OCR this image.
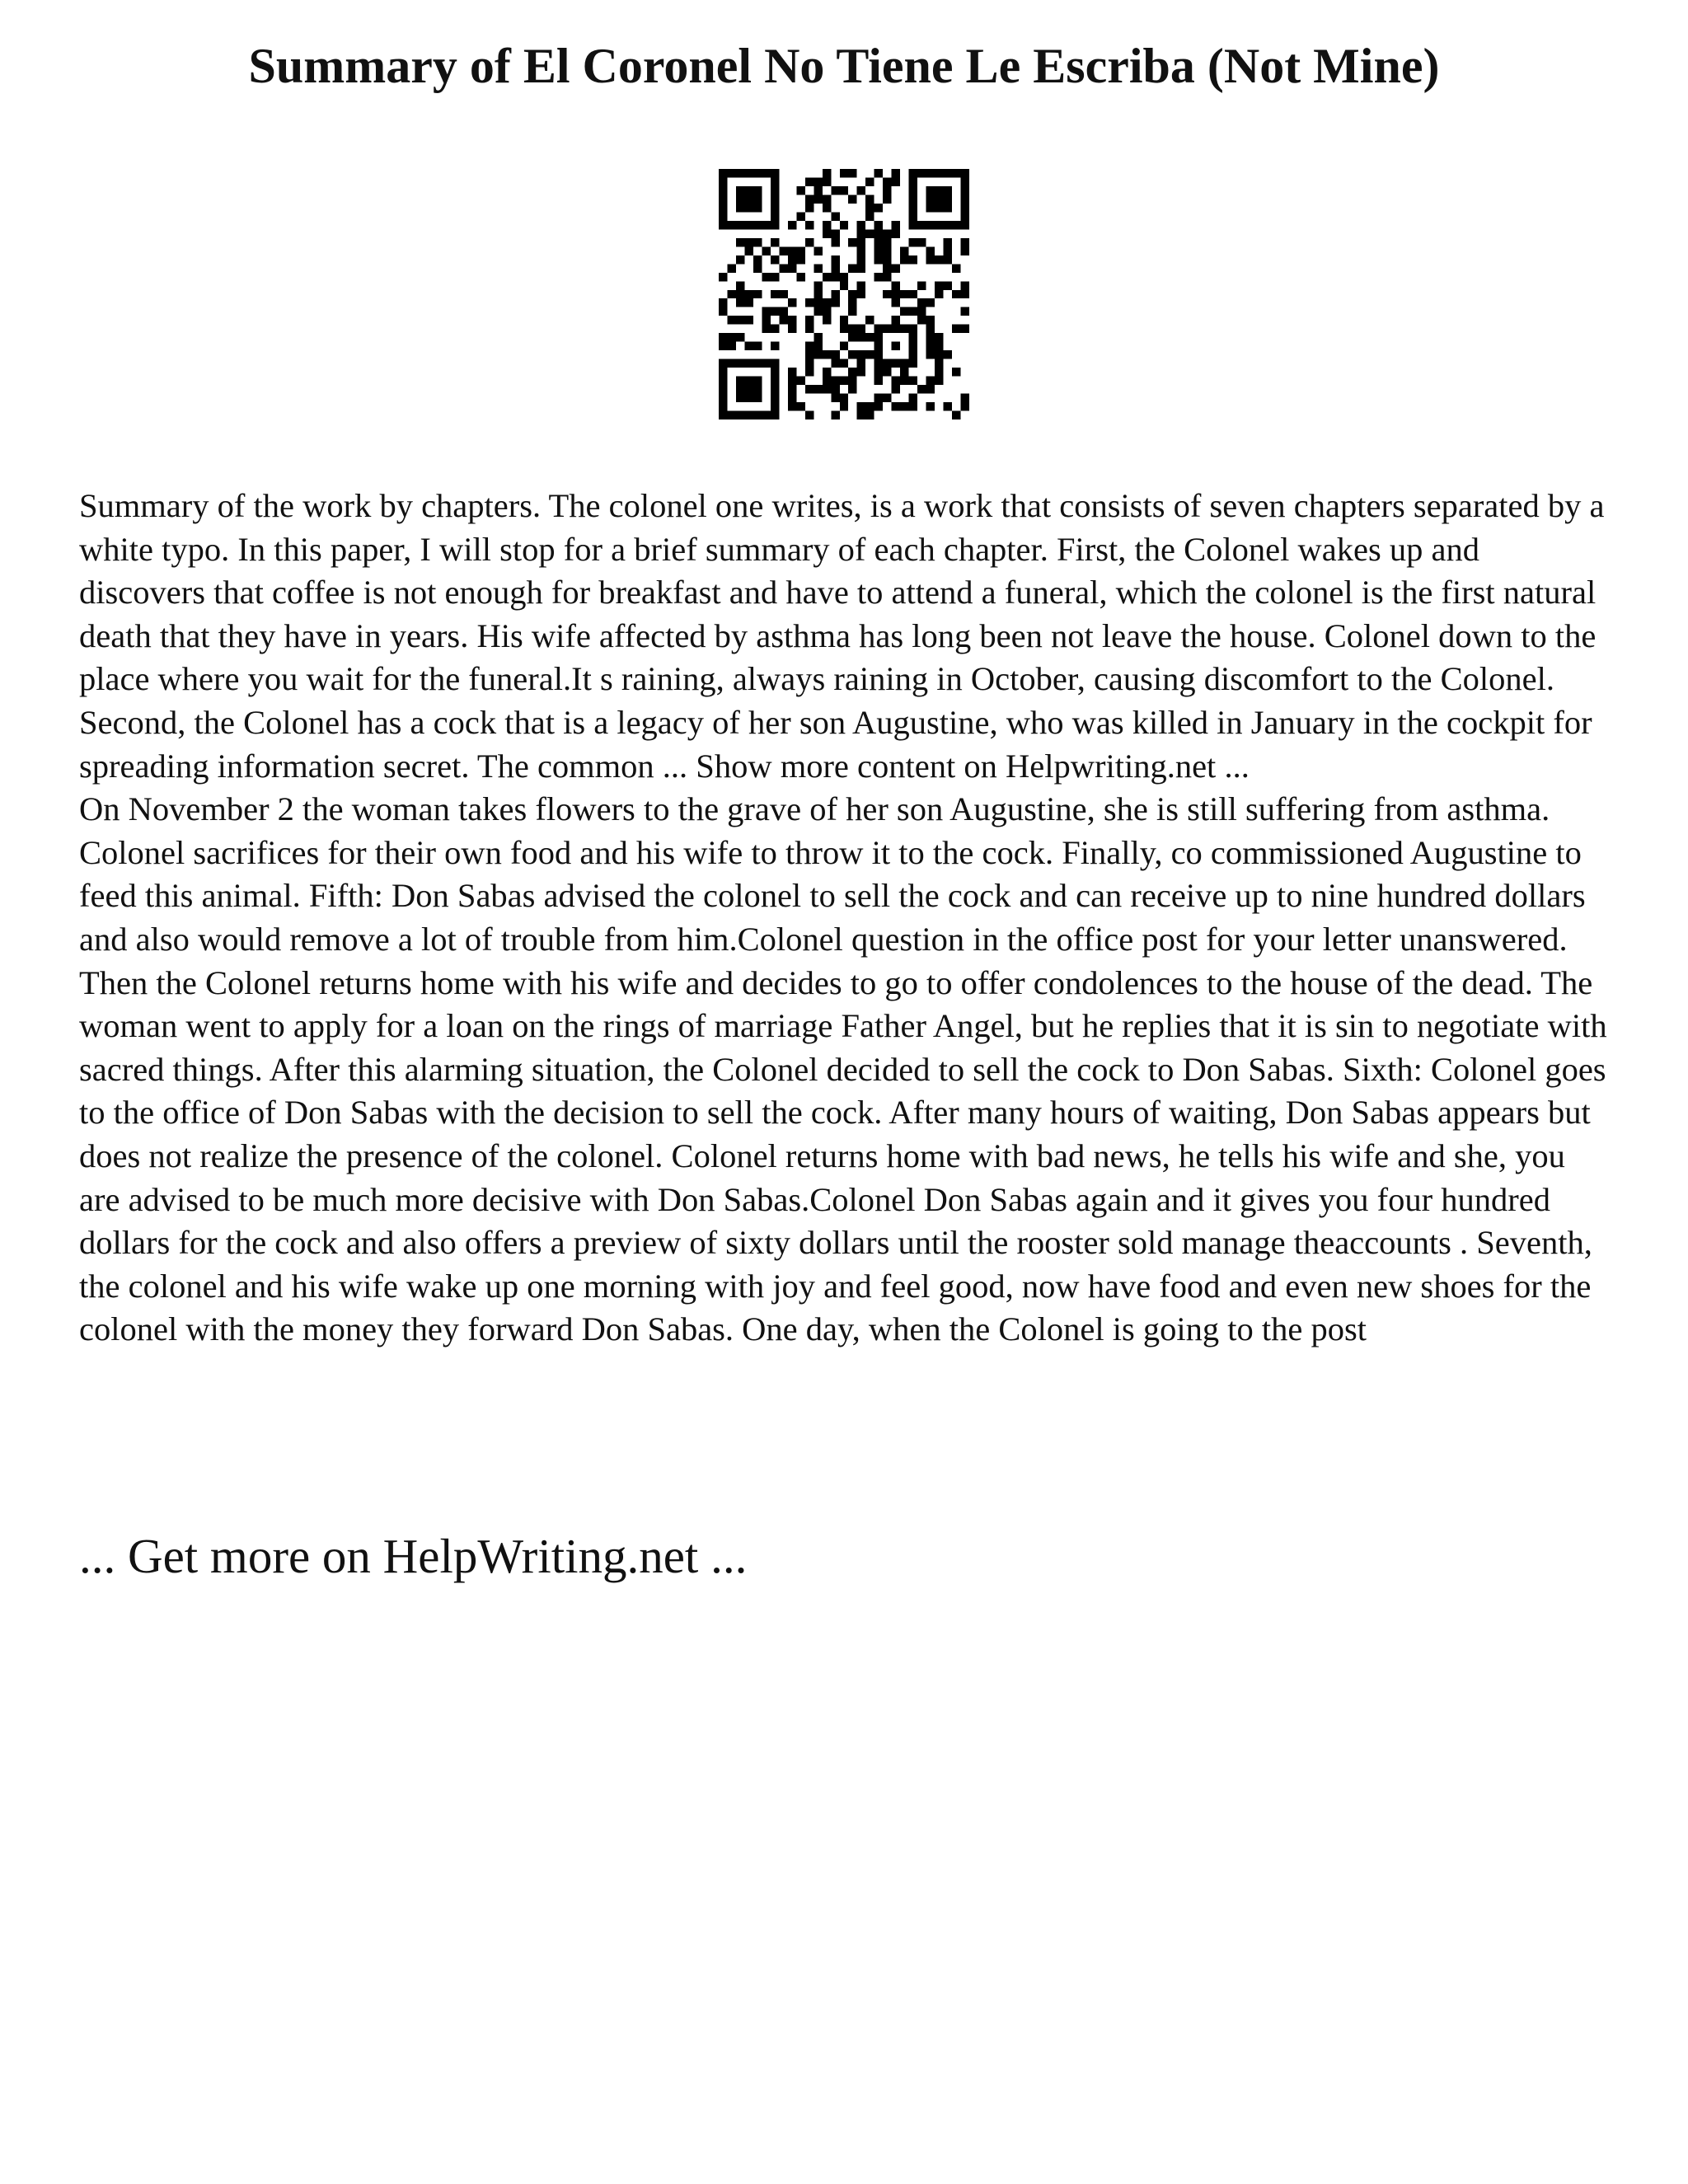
Summary of El Coronel No Tiene Le Escriba (Not Mine)

Summary of the work by chapters. The colonel one writes, is a work that consists of seven chapters separated by a white typo. In this paper, I will stop for a brief summary of each chapter. First, the Colonel wakes up and discovers that coffee is not enough for breakfast and have to attend a funeral, which the colonel is the first natural death that they have in years. His wife affected by asthma has long been not leave the house. Colonel down to the place where you wait for the funeral.It s raining, always raining in October, causing discomfort to the Colonel. Second, the Colonel has a cock that is a legacy of her son Augustine, who was killed in January in the cockpit for spreading information secret. The common ... Show more content on Helpwriting.net ...

On November 2 the woman takes flowers to the grave of her son Augustine, she is still suffering from asthma. Colonel sacrifices for their own food and his wife to throw it to the cock. Finally, co commissioned Augustine to feed this animal. Fifth: Don Sabas advised the colonel to sell the cock and can receive up to nine hundred dollars and also would remove a lot of trouble from him.Colonel question in the office post for your letter unanswered. Then the Colonel returns home with his wife and decides to go to offer condolences to the house of the dead. The woman went to apply for a loan on the rings of marriage Father Angel, but he replies that it is sin to negotiate with sacred things. After this alarming situation, the Colonel decided to sell the cock to Don Sabas. Sixth: Colonel goes to the office of Don Sabas with the decision to sell the cock. After many hours of waiting, Don Sabas appears but does not realize the presence of the colonel. Colonel returns home with bad news, he tells his wife and she, you are advised to be much more decisive with Don Sabas.Colonel Don Sabas again and it gives you four hundred dollars for the cock and also offers a preview of sixty dollars until the rooster sold manage theaccounts . Seventh, the colonel and his wife wake up one morning with joy and feel good, now have food and even new shoes for the colonel with the money they forward Don Sabas. One day, when the Colonel is going to the post

... Get more on HelpWriting.net ...
